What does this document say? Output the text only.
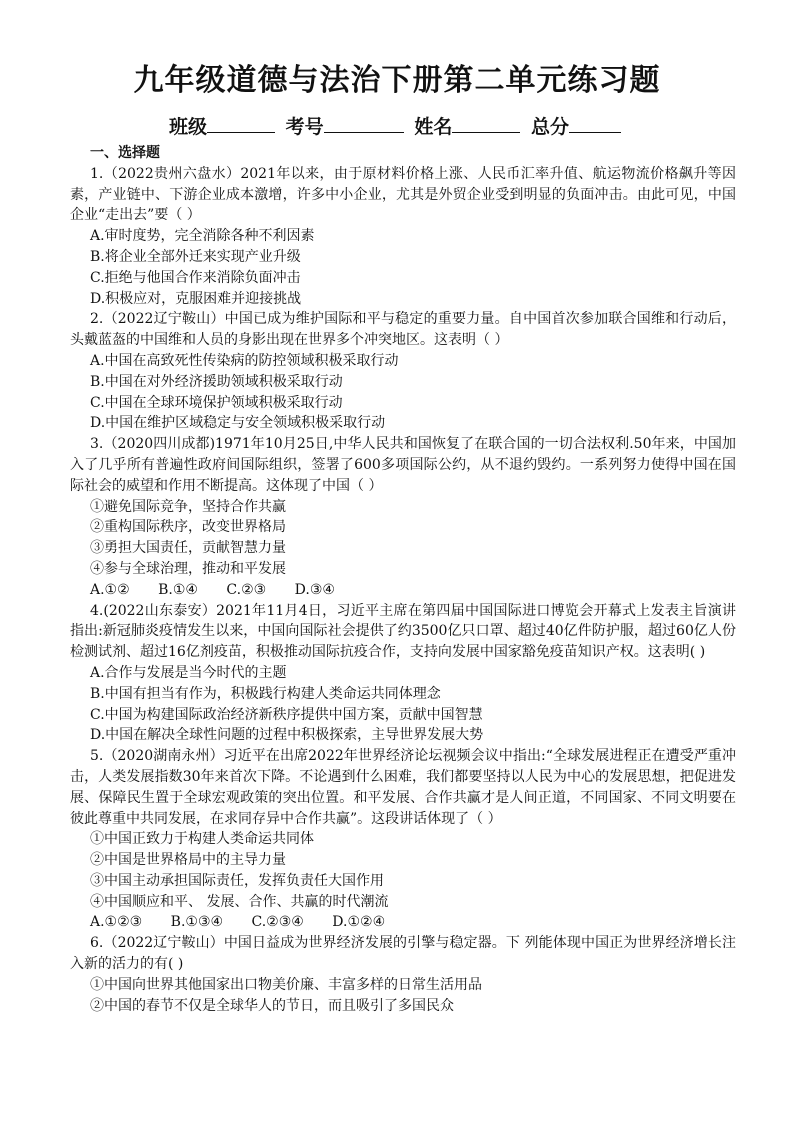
九年级道德与法治下册第二单元练习题
班级	考号	姓名	总分
一、选择题

1.（2022贵州六盘水）2021年以来，由于原材料价格上涨、人民币汇率升值、航运物流价格飙升等因素，产业链中、下游企业成本激增，许多中小企业，尤其是外贸企业受到明显的负面冲击。由此可见，中国企业“走出去”要（ ）

A.审时度势，完全消除各种不利因素

B.将企业全部外迁来实现产业升级

C.拒绝与他国合作来消除负面冲击

D.积极应对，克服困难并迎接挑战

2.（2022辽宁鞍山）中国已成为维护国际和平与稳定的重要力量。自中国首次参加联合国维和行动后，头戴蓝盔的中国维和人员的身影出现在世界多个冲突地区。这表明（ ）

A.中国在高致死性传染病的防控领域积极采取行动

B.中国在对外经济援助领域积极采取行动

C.中国在全球环境保护领域积极采取行动

D.中国在维护区域稳定与安全领域积极采取行动

3.（2020四川成都)1971年10月25日,中华人民共和国恢复了在联合国的一切合法权利.50年来，中国加入了几乎所有普遍性政府间国际组织，签署了600多项国际公约，从不退约毁约。一系列努力使得中国在国际社会的威望和作用不断提高。这体现了中国（ ）

①避免国际竞争，坚持合作共赢

②重构国际秩序，改变世界格局

③勇担大国责任，贡献智慧力量

④参与全球治理，推动和平发展

A.①② B.①④ C.②③ D.③④

4.(2022山东泰安）2021年11月4日，习近平主席在第四届中国国际进口博览会开幕式上发表主旨演讲指出:新冠肺炎疫情发生以来，中国向国际社会提供了约3500亿只口罩、超过40亿件防护服，超过60亿人份检测试剂、超过16亿剂疫苗，积极推动国际抗疫合作，支持向发展中国家豁免疫苗知识产权。这表明( )

A.合作与发展是当今时代的主题

B.中国有担当有作为，积极践行构建人类命运共同体理念

C.中国为构建国际政治经济新秩序提供中国方案，贡献中国智慧

D.中国在解决全球性问题的过程中积极探索，主导世界发展大势

5.（2020湖南永州）习近平在出席2022年世界经济论坛视频会议中指出:“全球发展进程正在遭受严重冲击，人类发展指数30年来首次下降。不论遇到什么困难，我们都要坚持以人民为中心的发展思想，把促进发展、保障民生置于全球宏观政策的突出位置。和平发展、合作共赢才是人间正道，不同国家、不同文明要在彼此尊重中共同发展，在求同存异中合作共赢”。这段讲话体现了（ ）

①中国正致力于构建人类命运共同体

②中国是世界格局中的主导力量

③中国主动承担国际责任，发挥负责任大国作用

④中国顺应和平、 发展、合作、共赢的时代潮流

A.①②③ B.①③④ C.②③④ D.①②④

6.（2022辽宁鞍山）中国日益成为世界经济发展的引擎与稳定器。下 列能体现中国正为世界经济增长注入新的活力的有( )

①中国向世界其他国家出口物美价廉、丰富多样的日常生活用品

②中国的春节不仅是全球华人的节日，而且吸引了多国民众
